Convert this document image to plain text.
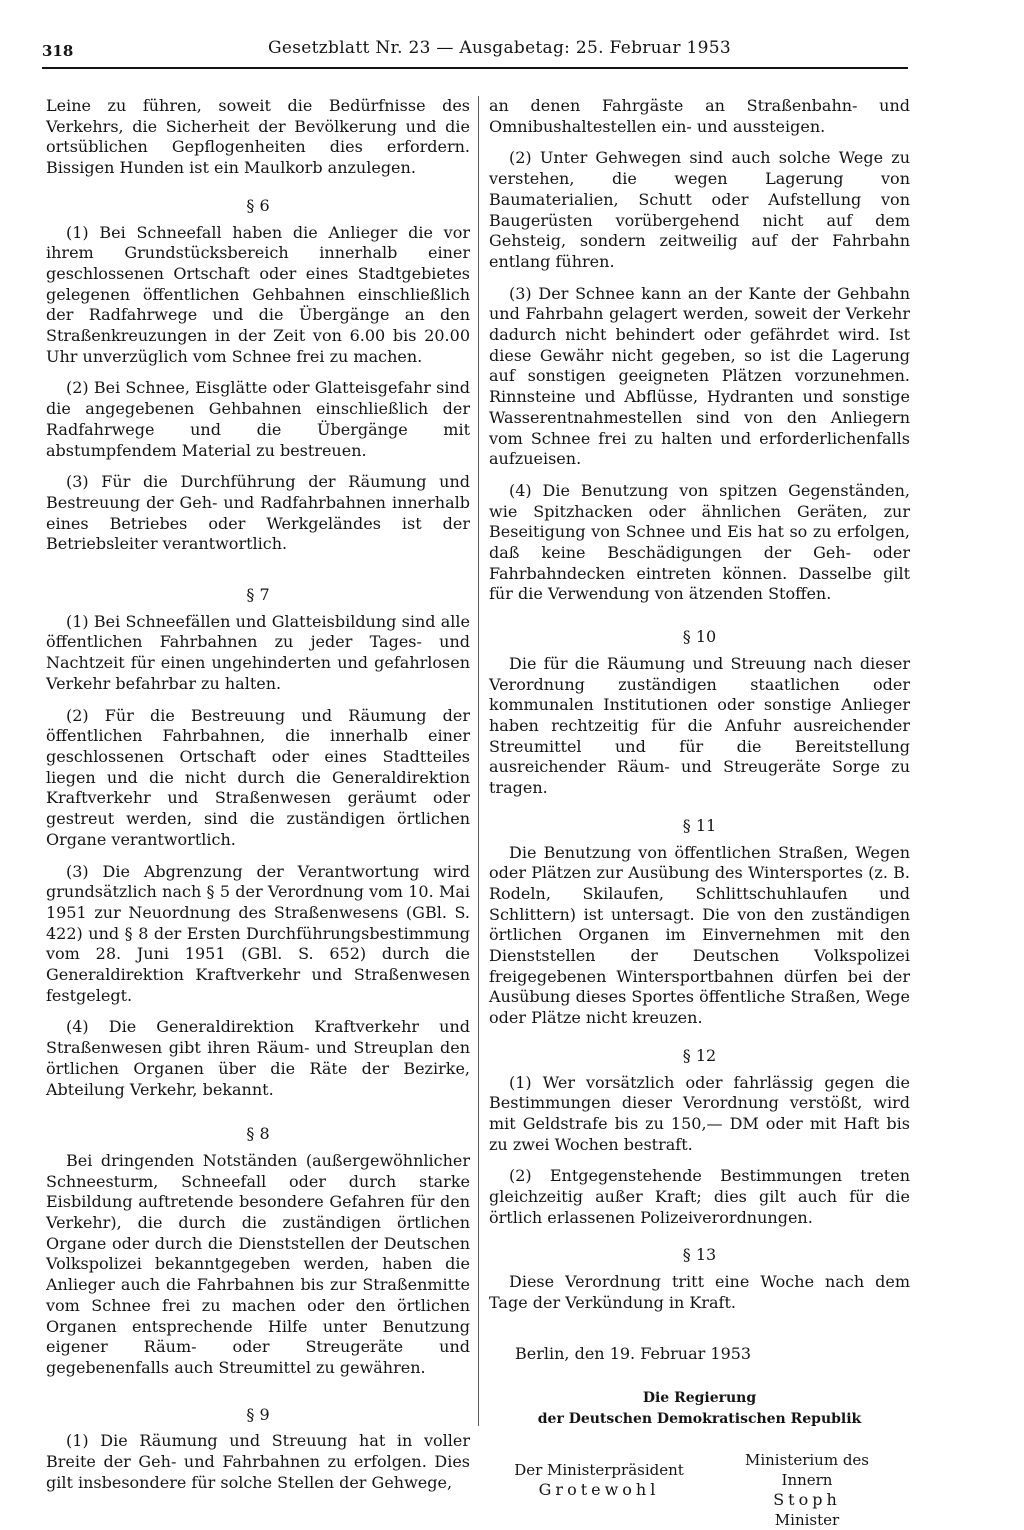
318	Gesetzblatt Nr. 23 — Ausgabetag: 25. Februar 1953

Leine zu führen, soweit die Bedürfnisse des Verkehrs, die Sicherheit der Bevölkerung und die ortsüblichen Gepflogenheiten dies erfordern. Bissigen Hunden ist ein Maulkorb anzulegen.

§ 6

(1) Bei Schneefall haben die Anlieger die vor ihrem Grundstücksbereich innerhalb einer geschlossenen Ortschaft oder eines Stadtgebietes gelegenen öffentlichen Gehbahnen einschließlich der Radfahrwege und die Übergänge an den Straßenkreuzungen in der Zeit von 6.00 bis 20.00 Uhr unverzüglich vom Schnee frei zu machen.

(2) Bei Schnee, Eisglätte oder Glatteisgefahr sind die angegebenen Gehbahnen einschließlich der Radfahrwege und die Übergänge mit abstumpfendem Material zu bestreuen.

(3) Für die Durchführung der Räumung und Bestreuung der Geh- und Radfahrbahnen innerhalb eines Betriebes oder Werkgeländes ist der Betriebsleiter verantwortlich.

§ 7

(1) Bei Schneefällen und Glatteisbildung sind alle öffentlichen Fahrbahnen zu jeder Tages- und Nachtzeit für einen ungehinderten und gefahrlosen Verkehr befahrbar zu halten.

(2) Für die Bestreuung und Räumung der öffentlichen Fahrbahnen, die innerhalb einer geschlossenen Ortschaft oder eines Stadtteiles liegen und die nicht durch die Generaldirektion Kraftverkehr und Straßenwesen geräumt oder gestreut werden, sind die zuständigen örtlichen Organe verantwortlich.

(3) Die Abgrenzung der Verantwortung wird grundsätzlich nach § 5 der Verordnung vom 10. Mai 1951 zur Neuordnung des Straßenwesens (GBl. S. 422) und § 8 der Ersten Durchführungsbestimmung vom 28. Juni 1951 (GBl. S. 652) durch die Generaldirektion Kraftverkehr und Straßenwesen festgelegt.

(4) Die Generaldirektion Kraftverkehr und Straßenwesen gibt ihren Räum- und Streuplan den örtlichen Organen über die Räte der Bezirke, Abteilung Verkehr, bekannt.

§ 8

Bei dringenden Notständen (außergewöhnlicher Schneesturm, Schneefall oder durch starke Eisbildung auftretende besondere Gefahren für den Verkehr), die durch die zuständigen örtlichen Organe oder durch die Dienststellen der Deutschen Volkspolizei bekanntgegeben werden, haben die Anlieger auch die Fahrbahnen bis zur Straßenmitte vom Schnee frei zu machen oder den örtlichen Organen entsprechende Hilfe unter Benutzung eigener Räum- oder Streugeräte und gegebenenfalls auch Streumittel zu gewähren.

§ 9

(1) Die Räumung und Streuung hat in voller Breite der Geh- und Fahrbahnen zu erfolgen. Dies gilt insbesondere für solche Stellen der Gehwege,

an denen Fahrgäste an Straßenbahn- und Omnibushaltestellen ein- und aussteigen.

(2) Unter Gehwegen sind auch solche Wege zu verstehen, die wegen Lagerung von Baumaterialien, Schutt oder Aufstellung von Baugerüsten vorübergehend nicht auf dem Gehsteig, sondern zeitweilig auf der Fahrbahn entlang führen.

(3) Der Schnee kann an der Kante der Gehbahn und Fahrbahn gelagert werden, soweit der Verkehr dadurch nicht behindert oder gefährdet wird. Ist diese Gewähr nicht gegeben, so ist die Lagerung auf sonstigen geeigneten Plätzen vorzunehmen. Rinnsteine und Abflüsse, Hydranten und sonstige Wasserentnahmestellen sind von den Anliegern vom Schnee frei zu halten und erforderlichenfalls aufzueisen.

(4) Die Benutzung von spitzen Gegenständen, wie Spitzhacken oder ähnlichen Geräten, zur Beseitigung von Schnee und Eis hat so zu erfolgen, daß keine Beschädigungen der Geh- oder Fahrbahndecken eintreten können. Dasselbe gilt für die Verwendung von ätzenden Stoffen.

§ 10

Die für die Räumung und Streuung nach dieser Verordnung zuständigen staatlichen oder kommunalen Institutionen oder sonstige Anlieger haben rechtzeitig für die Anfuhr ausreichender Streumittel und für die Bereitstellung ausreichender Räum- und Streugeräte Sorge zu tragen.

§ 11

Die Benutzung von öffentlichen Straßen, Wegen oder Plätzen zur Ausübung des Wintersportes (z. B. Rodeln, Skilaufen, Schlittschuhlaufen und Schlittern) ist untersagt. Die von den zuständigen örtlichen Organen im Einvernehmen mit den Dienststellen der Deutschen Volkspolizei freigegebenen Wintersportbahnen dürfen bei der Ausübung dieses Sportes öffentliche Straßen, Wege oder Plätze nicht kreuzen.

§ 12

(1) Wer vorsätzlich oder fahrlässig gegen die Bestimmungen dieser Verordnung verstößt, wird mit Geldstrafe bis zu 150,— DM oder mit Haft bis zu zwei Wochen bestraft.

(2) Entgegenstehende Bestimmungen treten gleichzeitig außer Kraft; dies gilt auch für die örtlich erlassenen Polizeiverordnungen.

§ 13

Diese Verordnung tritt eine Woche nach dem Tage der Verkündung in Kraft.

Berlin, den 19. Februar 1953

Die Regierung
der Deutschen Demokratischen Republik
Der Ministerpräsident
Grotewohl
Ministerium des Innern
Stoph
Minister
